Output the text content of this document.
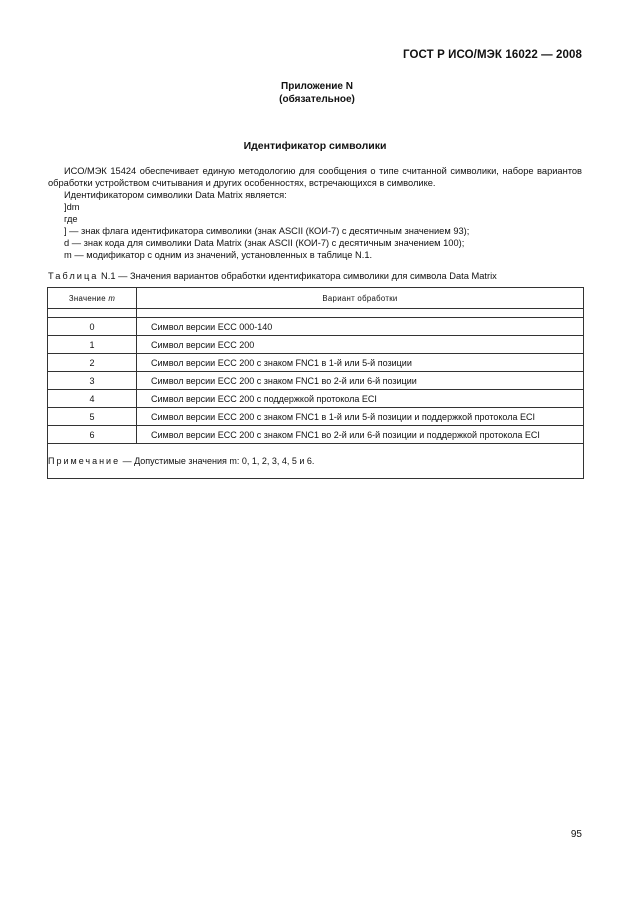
ГОСТ Р ИСО/МЭК 16022 — 2008
Приложение N
(обязательное)
Идентификатор символики

ИСО/МЭК 15424 обеспечивает единую методологию для сообщения о типе считанной символики, наборе вариантов обработки устройством считывания и других особенностях, встречающихся в символике.

Идентификатором символики Data Matrix является:

]dm

где

] — знак флага идентификатора символики (знак ASCII (КОИ-7) с десятичным значением 93);

d — знак кода для символики Data Matrix (знак ASCII (КОИ-7) с десятичным значением 100);

m — модификатор с одним из значений, установленных в таблице N.1.

Таблица N.1 — Значения вариантов обработки идентификатора символики для символа Data Matrix
Значение m	Вариант обработки

0	Символ версии ЕСС 000-140
1	Символ версии ЕСС 200
2	Символ версии ЕСС 200 с знаком FNC1 в 1-й или 5-й позиции
3	Символ версии ЕСС 200 с знаком FNC1 во 2-й или 6-й позиции
4	Символ версии ЕСС 200 с поддержкой протокола ECI
5	Символ версии ЕСС 200 с знаком FNC1 в 1-й или 5-й позиции и поддержкой протокола ECI
6	Символ версии ЕСС 200 с знаком FNC1 во 2-й или 6-й позиции и поддержкой протокола ECI
Примечание — Допустимые значения m: 0, 1, 2, 3, 4, 5 и 6.	
95
